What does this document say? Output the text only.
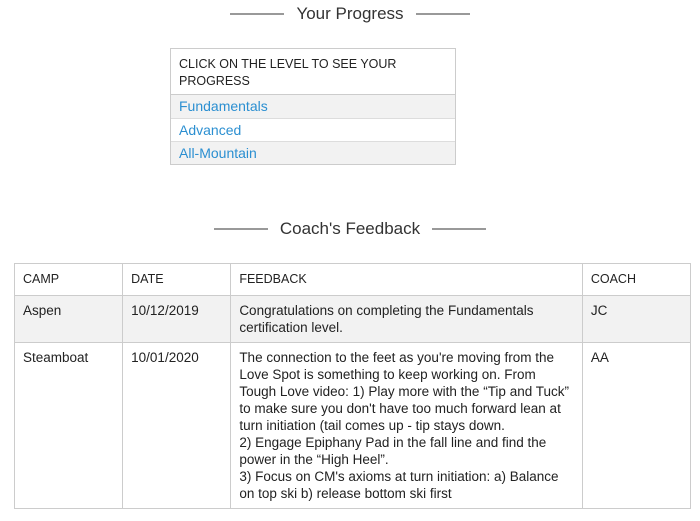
Your Progress
CLICK ON THE LEVEL TO SEE YOUR PROGRESS
Fundamentals
Advanced
All-Mountain
Coach's Feedback
CAMP	DATE	FEEDBACK	COACH
Aspen	10/12/2019	Congratulations on completing the Fundamentals certification level.	JC
Steamboat	10/01/2020	The connection to the feet as you're moving from the Love Spot is something to keep working on. From Tough Love video: 1) Play more with the “Tip and Tuck” to make sure you don't have too much forward lean at turn initiation (tail comes up - tip stays down.
2) Engage Epiphany Pad in the fall line and find the power in the “High Heel”.
3) Focus on CM's axioms at turn initiation: a) Balance on top ski b) release bottom ski first	AA
